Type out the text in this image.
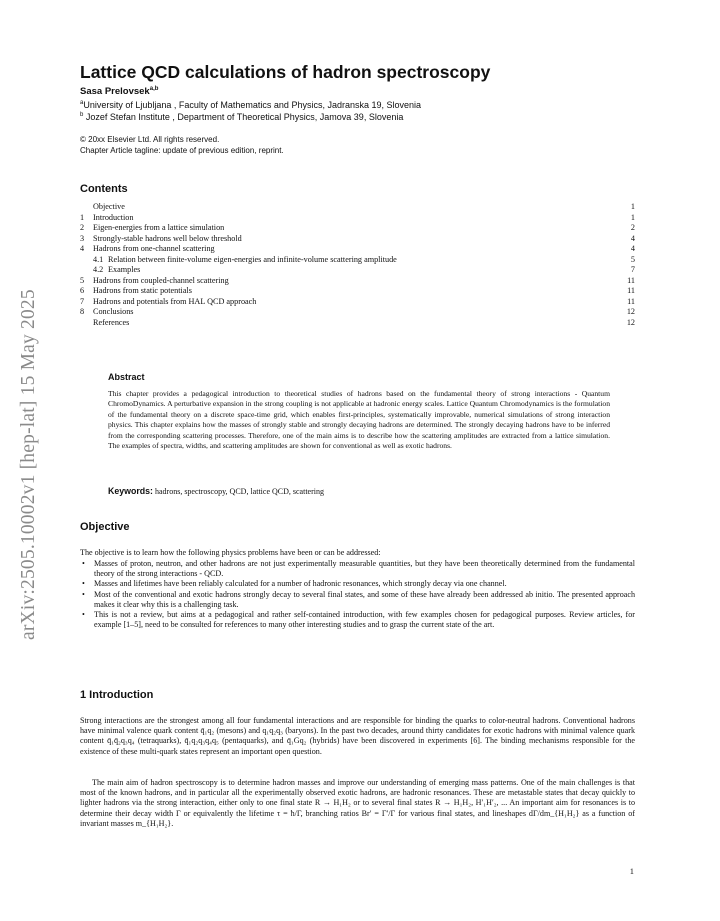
arXiv:2505.10002v1 [hep-lat] 15 May 2025
Lattice QCD calculations of hadron spectroscopy
Sasa Prelovsek$^{a,b}$
$^a$University of Ljubljana , Faculty of Mathematics and Physics, Jadranska 19, Slovenia
$^b$ Jozef Stefan Institute , Department of Theoretical Physics, Jamova 39, Slovenia
© 20xx Elsevier Ltd. All rights reserved.
Chapter Article tagline: update of previous edition, reprint.
Contents
Objective	1
1 Introduction	1
2 Eigen-energies from a lattice simulation	2
3 Strongly-stable hadrons well below threshold	4
4 Hadrons from one-channel scattering	4
4.1 Relation between finite-volume eigen-energies and infinite-volume scattering amplitude	5
4.2 Examples	7
5 Hadrons from coupled-channel scattering	11
6 Hadrons from static potentials	11
7 Hadrons and potentials from HAL QCD approach	11
8 Conclusions	12
References	12
Abstract
This chapter provides a pedagogical introduction to theoretical studies of hadrons based on the fundamental theory of strong interactions - Quantum ChromoDynamics. A perturbative expansion in the strong coupling is not applicable at hadronic energy scales. Lattice Quantum Chromodynamics is the formulation of the fundamental theory on a discrete space-time grid, which enables first-principles, systematically improvable, numerical simulations of strong interaction physics. This chapter explains how the masses of strongly stable and strongly decaying hadrons are determined. The strongly decaying hadrons have to be inferred from the corresponding scattering processes. Therefore, one of the main aims is to describe how the scattering amplitudes are extracted from a lattice simulation. The examples of spectra, widths, and scattering amplitudes are shown for conventional as well as exotic hadrons.
Keywords: hadrons, spectroscopy, QCD, lattice QCD, scattering
Objective
The objective is to learn how the following physics problems have been or can be addressed:
• Masses of proton, neutron, and other hadrons are not just experimentally measurable quantities, but they have been theoretically determined from the fundamental theory of the strong interactions - QCD.
• Masses and lifetimes have been reliably calculated for a number of hadronic resonances, which strongly decay via one channel.
• Most of the conventional and exotic hadrons strongly decay to several final states, and some of these have already been addressed ab initio. The presented approach makes it clear why this is a challenging task.
• This is not a review, but aims at a pedagogical and rather self-contained introduction, with few examples chosen for pedagogical purposes. Review articles, for example [1–5], need to be consulted for references to many other interesting studies and to grasp the current state of the art.
1 Introduction
Strong interactions are the strongest among all four fundamental interactions and are responsible for binding the quarks to color-neutral hadrons. Conventional hadrons have minimal valence quark content q̄₁q₂ (mesons) and q₁q₂q₃ (baryons). In the past two decades, around thirty candidates for exotic hadrons with minimal valence quark content q̄₁q̄₂q₃q₄ (tetraquarks), q̄₁q₂q₃q₄q₅ (pentaquarks), and q̄₁Gq₂ (hybrids) have been discovered in experiments [6]. The binding mechanisms responsible for the existence of these multi-quark states represent an important open question.
The main aim of hadron spectroscopy is to determine hadron masses and improve our understanding of emerging mass patterns. One of the main challenges is that most of the known hadrons, and in particular all the experimentally observed exotic hadrons, are hadronic resonances. These are metastable states that decay quickly to lighter hadrons via the strong interaction, either only to one final state R → H₁H₂ or to several final states R → H₁H₂, H′₁H′₂, ... An important aim for resonances is to determine their decay width Γ or equivalently the lifetime τ = ħ/Γ, branching ratios Br′ = Γ′/Γ for various final states, and lineshapes dΓ/dm_{H₁H₂} as a function of invariant masses m_{H₁H₂}.
1
